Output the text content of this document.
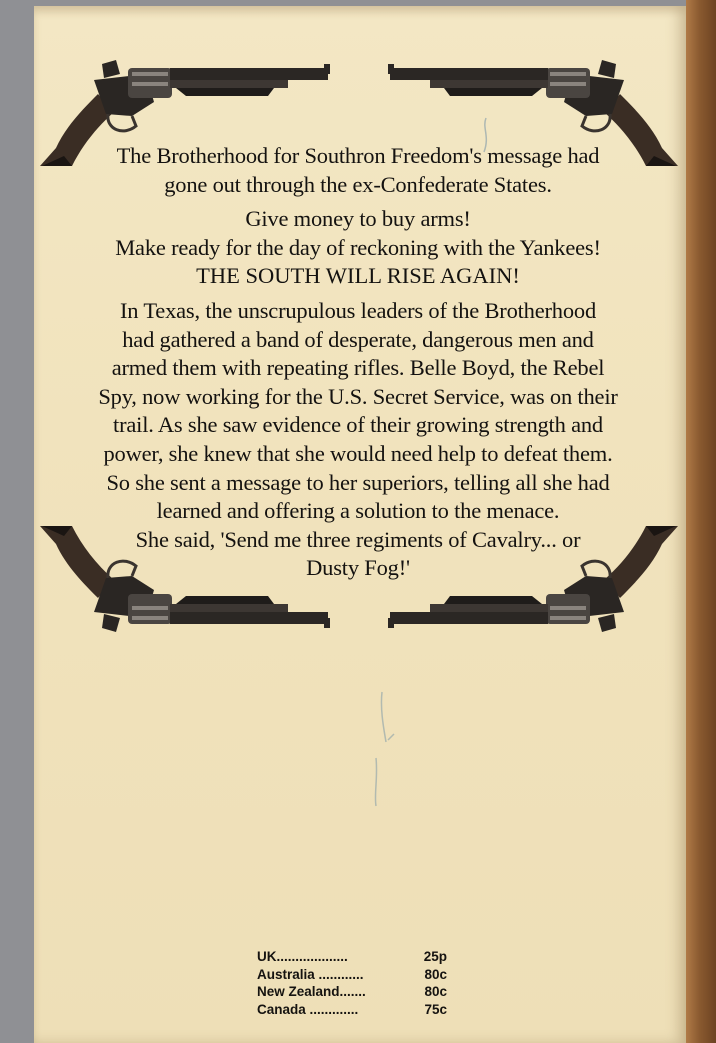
The Brotherhood for Southron Freedom's message had
gone out through the ex-Confederate States.

Give money to buy arms!
Make ready for the day of reckoning with the Yankees!
THE SOUTH WILL RISE AGAIN!

In Texas, the unscrupulous leaders of the Brotherhood
had gathered a band of desperate, dangerous men and
armed them with repeating rifles. Belle Boyd, the Rebel
Spy, now working for the U.S. Secret Service, was on their
trail. As she saw evidence of their growing strength and
power, she knew that she would need help to defeat them.
So she sent a message to her superiors, telling all she had
learned and offering a solution to the menace.
She said, 'Send me three regiments of Cavalry... or
Dusty Fog!'

UK...................	25p
Australia ............	80c
New Zealand.......	80c
Canada .............	75c
